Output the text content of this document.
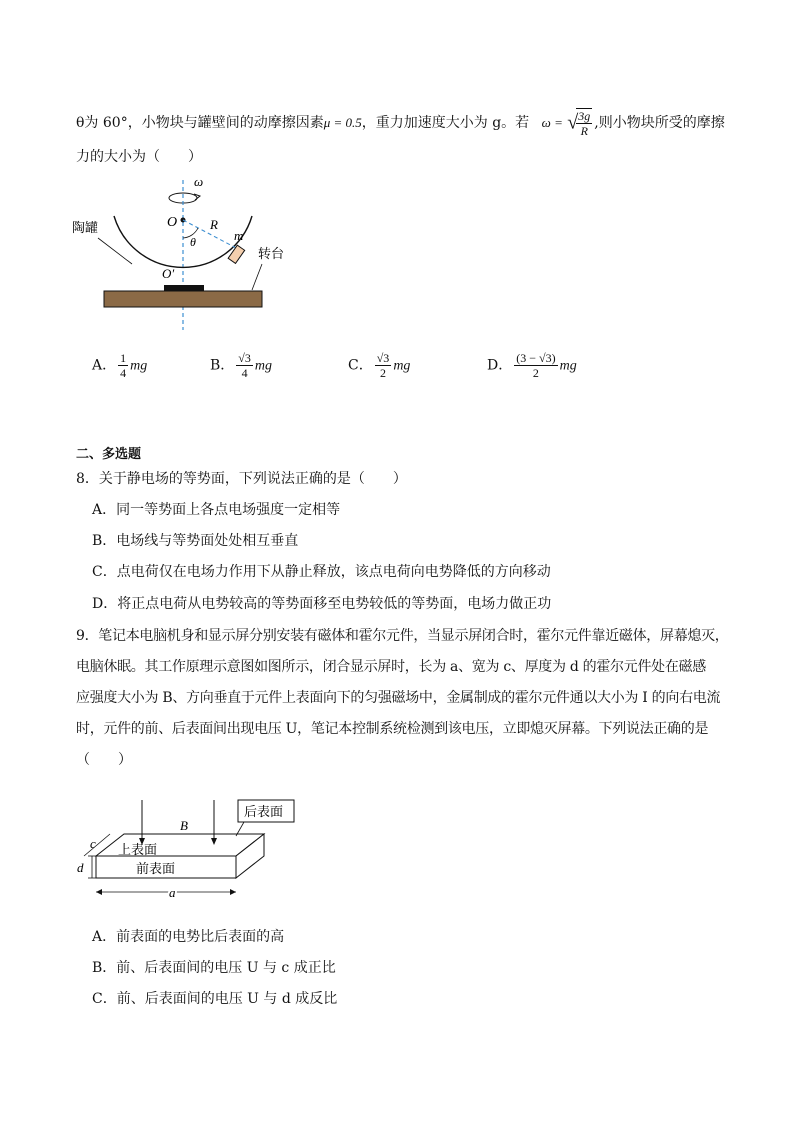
θ为 60°，小物块与罐壁间的动摩擦因素μ = 0.5，重力加速度大小为 g。若 ω = √
$\frac{3g}{R}$ ,则小物块所受的摩擦
力的大小为（　　）
ω
O	R
m
θ
O′
陶罐
转台
A． $\frac{1}{4}$ mg	B． $\frac{√3}{4}$ mg	C． $\frac{√3}{2}$ mg	D． $\frac{(3 - √3)}{2}$ mg
二、多选题
8．关于静电场的等势面，下列说法正确的是（　　）
A．同一等势面上各点电场强度一定相等
B．电场线与等势面处处相互垂直
C．点电荷仅在电场力作用下从静止释放，该点电荷向电势降低的方向移动
D．将正点电荷从电势较高的等势面移至电势较低的等势面，电场力做正功
9．笔记本电脑机身和显示屏分别安装有磁体和霍尔元件，当显示屏闭合时，霍尔元件靠近磁体，屏幕熄灭，
电脑休眠。其工作原理示意图如图所示，闭合显示屏时，长为 a、宽为 c、厚度为 d 的霍尔元件处在磁感
应强度大小为 B、方向垂直于元件上表面向下的匀强磁场中，金属制成的霍尔元件通以大小为 I 的向右电流
时，元件的前、后表面间出现电压 U，笔记本控制系统检测到该电压，立即熄灭屏幕。下列说法正确的是
（　　）
B
后表面
上表面
前表面
c
d
a
A．前表面的电势比后表面的高
B．前、后表面间的电压 U 与 c 成正比
C．前、后表面间的电压 U 与 d 成反比
